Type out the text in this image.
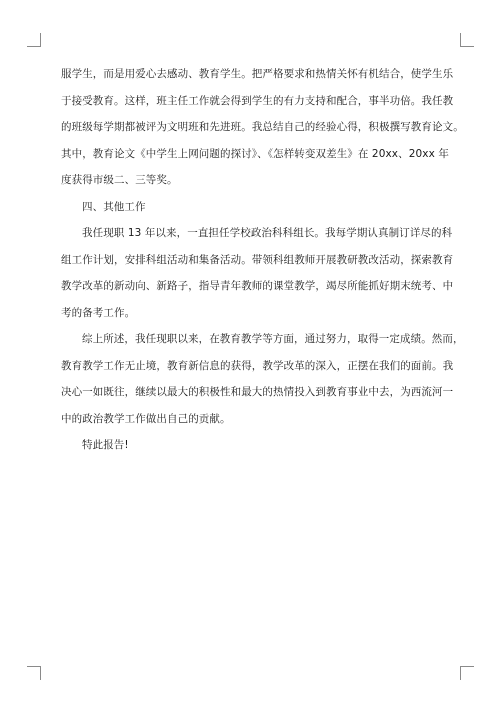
服学生，而是用爱心去感动、教育学生。把严格要求和热情关怀有机结合，使学生乐
于接受教育。这样，班主任工作就会得到学生的有力支持和配合，事半功倍。我任教
的班级每学期都被评为文明班和先进班。我总结自己的经验心得，积极撰写教育论文。
其中，教育论文《中学生上网问题的探讨》、《怎样转变双差生》在 20xx、20xx 年
度获得市级二、三等奖。
四、其他工作
我任现职 13 年以来，一直担任学校政治科科组长。我每学期认真制订详尽的科
组工作计划，安排科组活动和集备活动。带领科组教师开展教研教改活动，探索教育
教学改革的新动向、新路子，指导青年教师的课堂教学，竭尽所能抓好期末统考、中
考的备考工作。
综上所述，我任现职以来，在教育教学等方面，通过努力，取得一定成绩。然而，
教育教学工作无止境，教育新信息的获得，教学改革的深入，正摆在我们的面前。我
决心一如既往，继续以最大的积极性和最大的热情投入到教育事业中去，为西流河一
中的政治教学工作做出自己的贡献。
特此报告!
